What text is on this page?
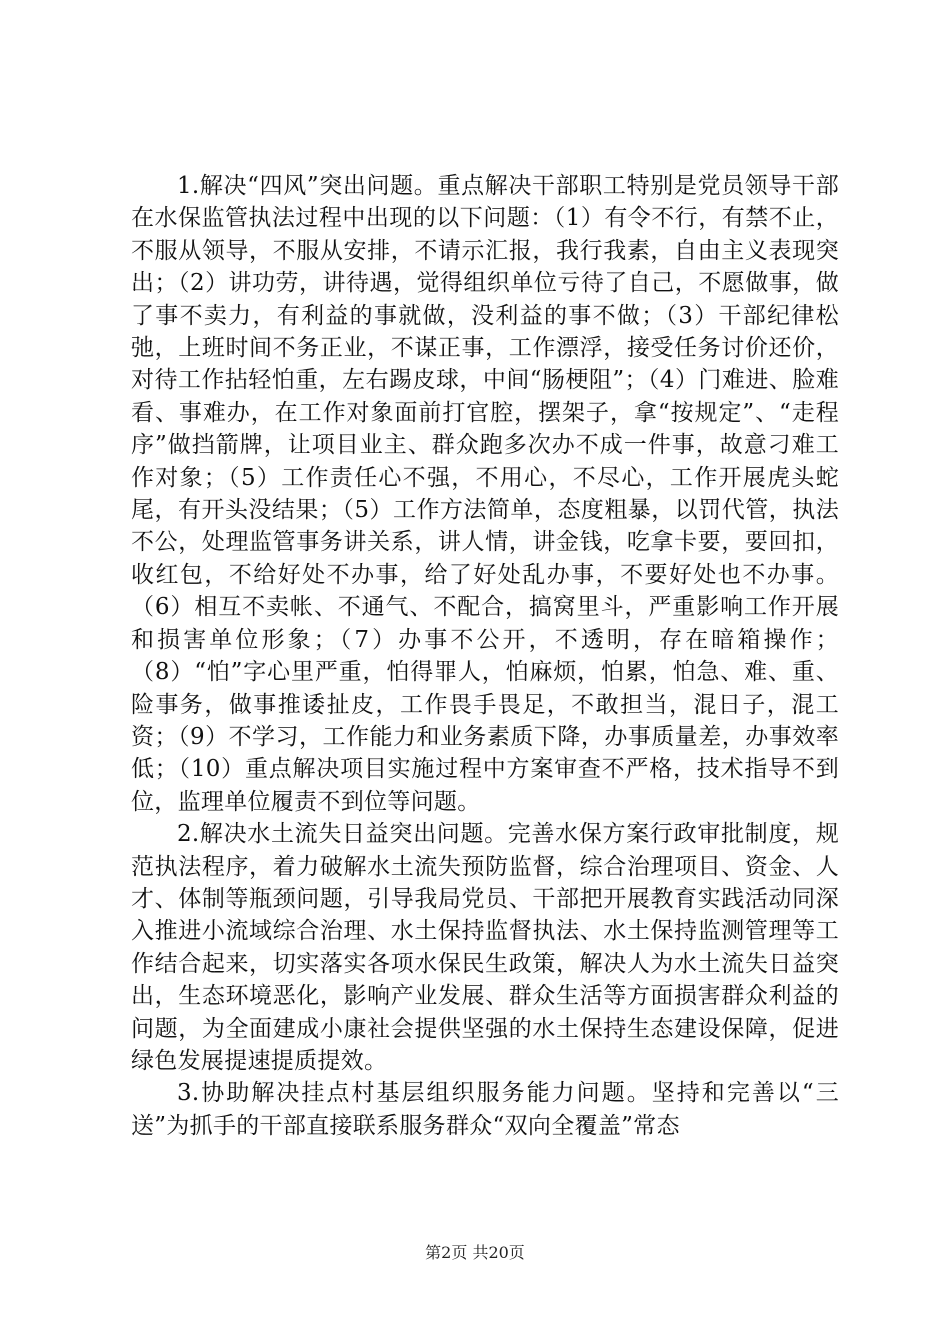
1.解决“四风”突出问题。重点解决干部职工特别是党员领导干部在水保监管执法过程中出现的以下问题：（1）有令不行，有禁不止，不服从领导，不服从安排，不请示汇报，我行我素，自由主义表现突出；（2）讲功劳，讲待遇，觉得组织单位亏待了自己，不愿做事，做了事不卖力，有利益的事就做，没利益的事不做；（3）干部纪律松弛，上班时间不务正业，不谋正事，工作漂浮，接受任务讨价还价，对待工作拈轻怕重，左右踢皮球，中间“肠梗阻”；（4）门难进、脸难看、事难办，在工作对象面前打官腔，摆架子，拿“按规定”、“走程序”做挡箭牌，让项目业主、群众跑多次办不成一件事，故意刁难工作对象；（5）工作责任心不强，不用心，不尽心，工作开展虎头蛇尾，有开头没结果；（5）工作方法简单，态度粗暴，以罚代管，执法不公，处理监管事务讲关系，讲人情，讲金钱，吃拿卡要，要回扣，收红包，不给好处不办事，给了好处乱办事，不要好处也不办事。（6）相互不卖帐、不通气、不配合，搞窝里斗，严重影响工作开展和损害单位形象；（7）办事不公开，不透明，存在暗箱操作；（8）“怕”字心里严重，怕得罪人，怕麻烦，怕累，怕急、难、重、险事务，做事推诿扯皮，工作畏手畏足，不敢担当，混日子，混工资；（9）不学习，工作能力和业务素质下降，办事质量差，办事效率低；（10）重点解决项目实施过程中方案审查不严格，技术指导不到位，监理单位履责不到位等问题。

2.解决水土流失日益突出问题。完善水保方案行政审批制度，规范执法程序，着力破解水土流失预防监督，综合治理项目、资金、人才、体制等瓶颈问题，引导我局党员、干部把开展教育实践活动同深入推进小流域综合治理、水土保持监督执法、水土保持监测管理等工作结合起来，切实落实各项水保民生政策，解决人为水土流失日益突出，生态环境恶化，影响产业发展、群众生活等方面损害群众利益的问题，为全面建成小康社会提供坚强的水土保持生态建设保障，促进绿色发展提速提质提效。

3.协助解决挂点村基层组织服务能力问题。坚持和完善以“三送”为抓手的干部直接联系服务群众“双向全覆盖”常态

第2页 共20页
